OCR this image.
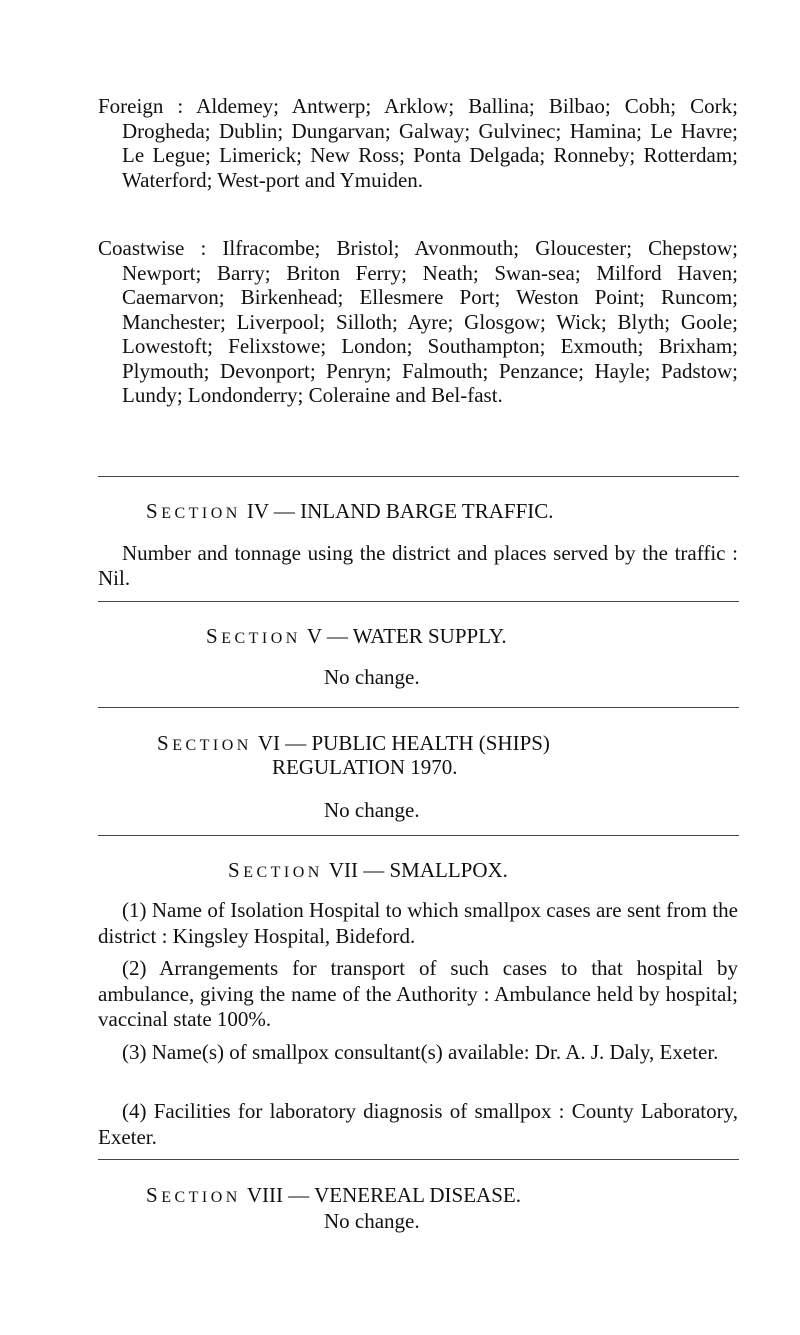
Foreign : Aldemey; Antwerp; Arklow; Ballina; Bilbao; Cobh; Cork; Drogheda; Dublin; Dungarvan; Galway; Gulvinec; Hamina; Le Havre; Le Legue; Limerick; New Ross; Ponta Delgada; Ronneby; Rotterdam; Waterford; West-port and Ymuiden.

Coastwise : Ilfracombe; Bristol; Avonmouth; Gloucester; Chepstow; Newport; Barry; Briton Ferry; Neath; Swan-sea; Milford Haven; Caemarvon; Birkenhead; Ellesmere Port; Weston Point; Runcom; Manchester; Liverpool; Silloth; Ayre; Glosgow; Wick; Blyth; Goole; Lowestoft; Felixstowe; London; Southampton; Exmouth; Brixham; Plymouth; Devonport; Penryn; Falmouth; Penzance; Hayle; Padstow; Lundy; Londonderry; Coleraine and Bel-fast.

SECTION IV — INLAND BARGE TRAFFIC.

Number and tonnage using the district and places served by the traffic : Nil.

SECTION V — WATER SUPPLY.

No change.

SECTION VI — PUBLIC HEALTH (SHIPS)

REGULATION 1970.

No change.

SECTION VII — SMALLPOX.

(1) Name of Isolation Hospital to which smallpox cases are sent from the district : Kingsley Hospital, Bideford.

(2) Arrangements for transport of such cases to that hospital by ambulance, giving the name of the Authority : Ambulance held by hospital; vaccinal state 100%.

(3) Name(s) of smallpox consultant(s) available: Dr. A. J. Daly, Exeter.

(4) Facilities for laboratory diagnosis of smallpox : County Laboratory, Exeter.

SECTION VIII — VENEREAL DISEASE.

No change.
